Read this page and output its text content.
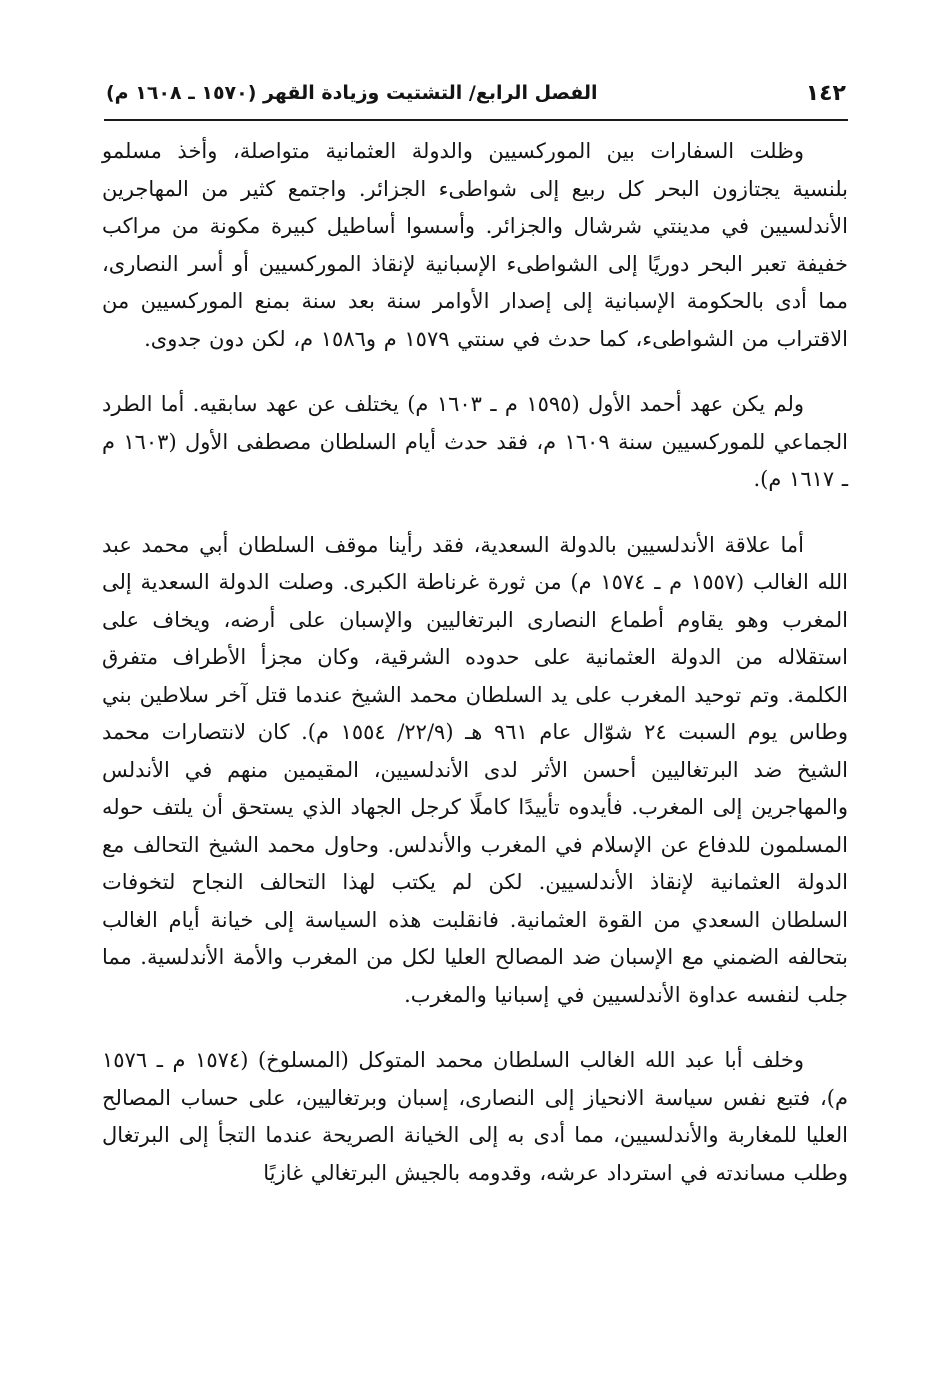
١٤٢
الفصل الرابع/ التشتيت وزيادة القهر (١٥٧٠ ـ ١٦٠٨ م)

وظلت السفارات بين الموركسيين والدولة العثمانية متواصلة، وأخذ مسلمو بلنسية يجتازون البحر كل ربيع إلى شواطىء الجزائر. واجتمع كثير من المهاجرين الأندلسيين في مدينتي شرشال والجزائر. وأسسوا أساطيل كبيرة مكونة من مراكب خفيفة تعبر البحر دوريًا إلى الشواطىء الإسبانية لإنقاذ الموركسيين أو أسر النصارى، مما أدى بالحكومة الإسبانية إلى إصدار الأوامر سنة بعد سنة بمنع الموركسيين من الاقتراب من الشواطىء، كما حدث في سنتي ١٥٧٩ م و١٥٨٦ م، لكن دون جدوى.

ولم يكن عهد أحمد الأول (١٥٩٥ م ـ ١٦٠٣ م) يختلف عن عهد سابقيه. أما الطرد الجماعي للموركسيين سنة ١٦٠٩ م، فقد حدث أيام السلطان مصطفى الأول (١٦٠٣ م ـ ١٦١٧ م).

أما علاقة الأندلسيين بالدولة السعدية، فقد رأينا موقف السلطان أبي محمد عبد الله الغالب (١٥٥٧ م ـ ١٥٧٤ م) من ثورة غرناطة الكبرى. وصلت الدولة السعدية إلى المغرب وهو يقاوم أطماع النصارى البرتغاليين والإسبان على أرضه، ويخاف على استقلاله من الدولة العثمانية على حدوده الشرقية، وكان مجزأ الأطراف متفرق الكلمة. وتم توحيد المغرب على يد السلطان محمد الشيخ عندما قتل آخر سلاطين بني وطاس يوم السبت ٢٤ شوّال عام ٩٦١ هـ (٢٢/٩/ ١٥٥٤ م). كان لانتصارات محمد الشيخ ضد البرتغاليين أحسن الأثر لدى الأندلسيين، المقيمين منهم في الأندلس والمهاجرين إلى المغرب. فأيدوه تأييدًا كاملًا كرجل الجهاد الذي يستحق أن يلتف حوله المسلمون للدفاع عن الإسلام في المغرب والأندلس. وحاول محمد الشيخ التحالف مع الدولة العثمانية لإنقاذ الأندلسيين. لكن لم يكتب لهذا التحالف النجاح لتخوفات السلطان السعدي من القوة العثمانية. فانقلبت هذه السياسة إلى خيانة أيام الغالب بتحالفه الضمني مع الإسبان ضد المصالح العليا لكل من المغرب والأمة الأندلسية. مما جلب لنفسه عداوة الأندلسيين في إسبانيا والمغرب.

وخلف أبا عبد الله الغالب السلطان محمد المتوكل (المسلوخ) (١٥٧٤ م ـ ١٥٧٦ م)، فتبع نفس سياسة الانحياز إلى النصارى، إسبان وبرتغاليين، على حساب المصالح العليا للمغاربة والأندلسيين، مما أدى به إلى الخيانة الصريحة عندما التجأ إلى البرتغال وطلب مساندته في استرداد عرشه، وقدومه بالجيش البرتغالي غازيًا
